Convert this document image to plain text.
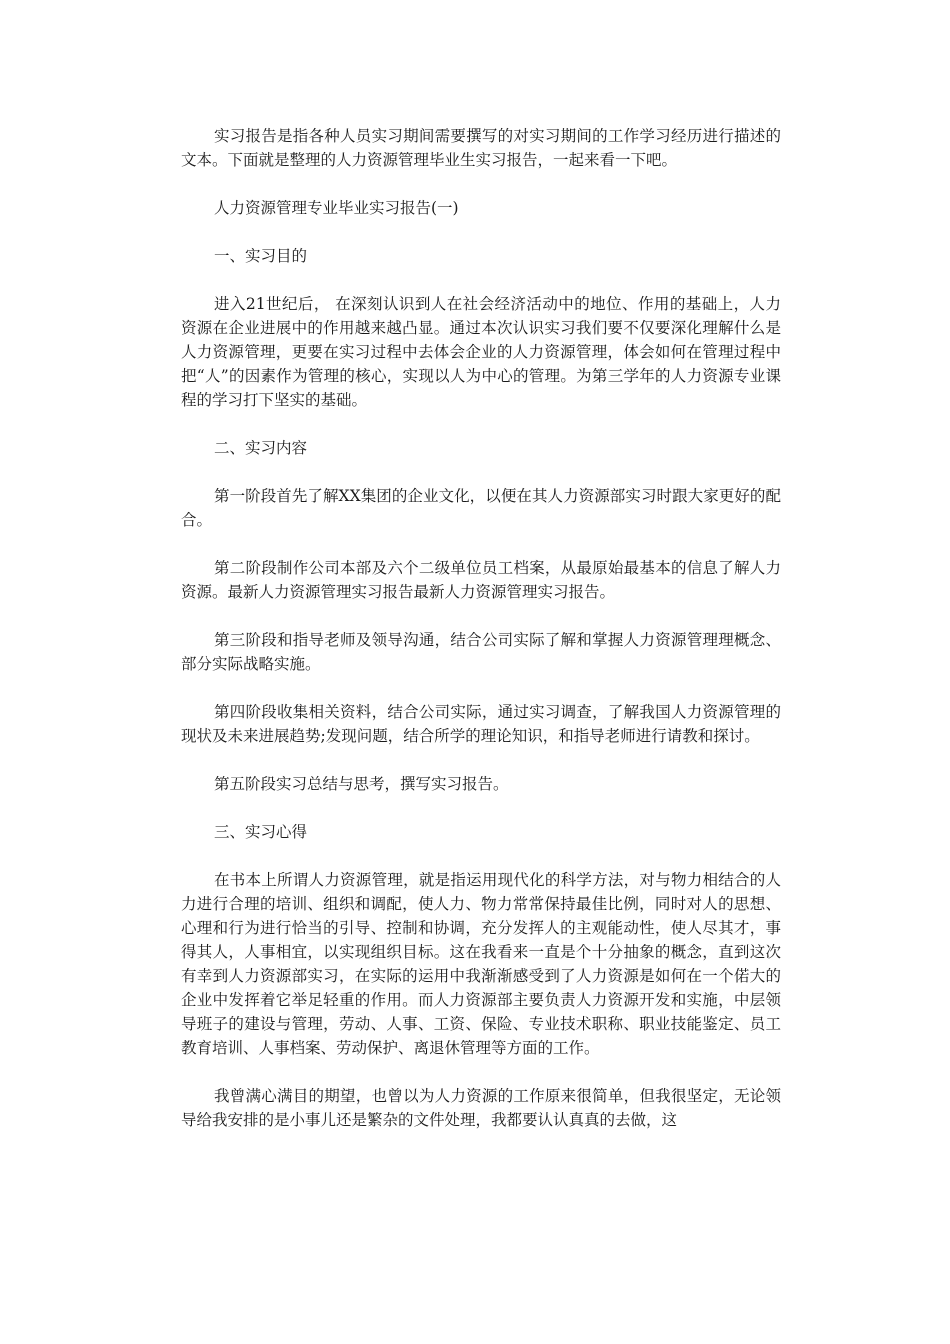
实习报告是指各种人员实习期间需要撰写的对实习期间的工作学习经历进行描述的文本。下面就是整理的人力资源管理毕业生实习报告，一起来看一下吧。

人力资源管理专业毕业实习报告(一)

一、实习目的

进入21世纪后， 在深刻认识到人在社会经济活动中的地位、作用的基础上，人力资源在企业进展中的作用越来越凸显。通过本次认识实习我们要不仅要深化理解什么是人力资源管理，更要在实习过程中去体会企业的人力资源管理，体会如何在管理过程中把“人”的因素作为管理的核心，实现以人为中心的管理。为第三学年的人力资源专业课程的学习打下坚实的基础。

二、实习内容

第一阶段首先了解XX集团的企业文化，以便在其人力资源部实习时跟大家更好的配合。

第二阶段制作公司本部及六个二级单位员工档案，从最原始最基本的信息了解人力资源。最新人力资源管理实习报告最新人力资源管理实习报告。

第三阶段和指导老师及领导沟通，结合公司实际了解和掌握人力资源管理理概念、部分实际战略实施。

第四阶段收集相关资料，结合公司实际，通过实习调查，了解我国人力资源管理的现状及未来进展趋势;发现问题，结合所学的理论知识，和指导老师进行请教和探讨。

第五阶段实习总结与思考，撰写实习报告。

三、实习心得

在书本上所谓人力资源管理，就是指运用现代化的科学方法，对与物力相结合的人力进行合理的培训、组织和调配，使人力、物力常常保持最佳比例，同时对人的思想、心理和行为进行恰当的引导、控制和协调，充分发挥人的主观能动性，使人尽其才，事得其人，人事相宜，以实现组织目标。这在我看来一直是个十分抽象的概念，直到这次有幸到人力资源部实习，在实际的运用中我渐渐感受到了人力资源是如何在一个偌大的企业中发挥着它举足轻重的作用。而人力资源部主要负责人力资源开发和实施，中层领导班子的建设与管理，劳动、人事、工资、保险、专业技术职称、职业技能鉴定、员工教育培训、人事档案、劳动保护、离退休管理等方面的工作。

我曾满心满目的期望，也曾以为人力资源的工作原来很简单，但我很坚定，无论领导给我安排的是小事儿还是繁杂的文件处理，我都要认认真真的去做，这
